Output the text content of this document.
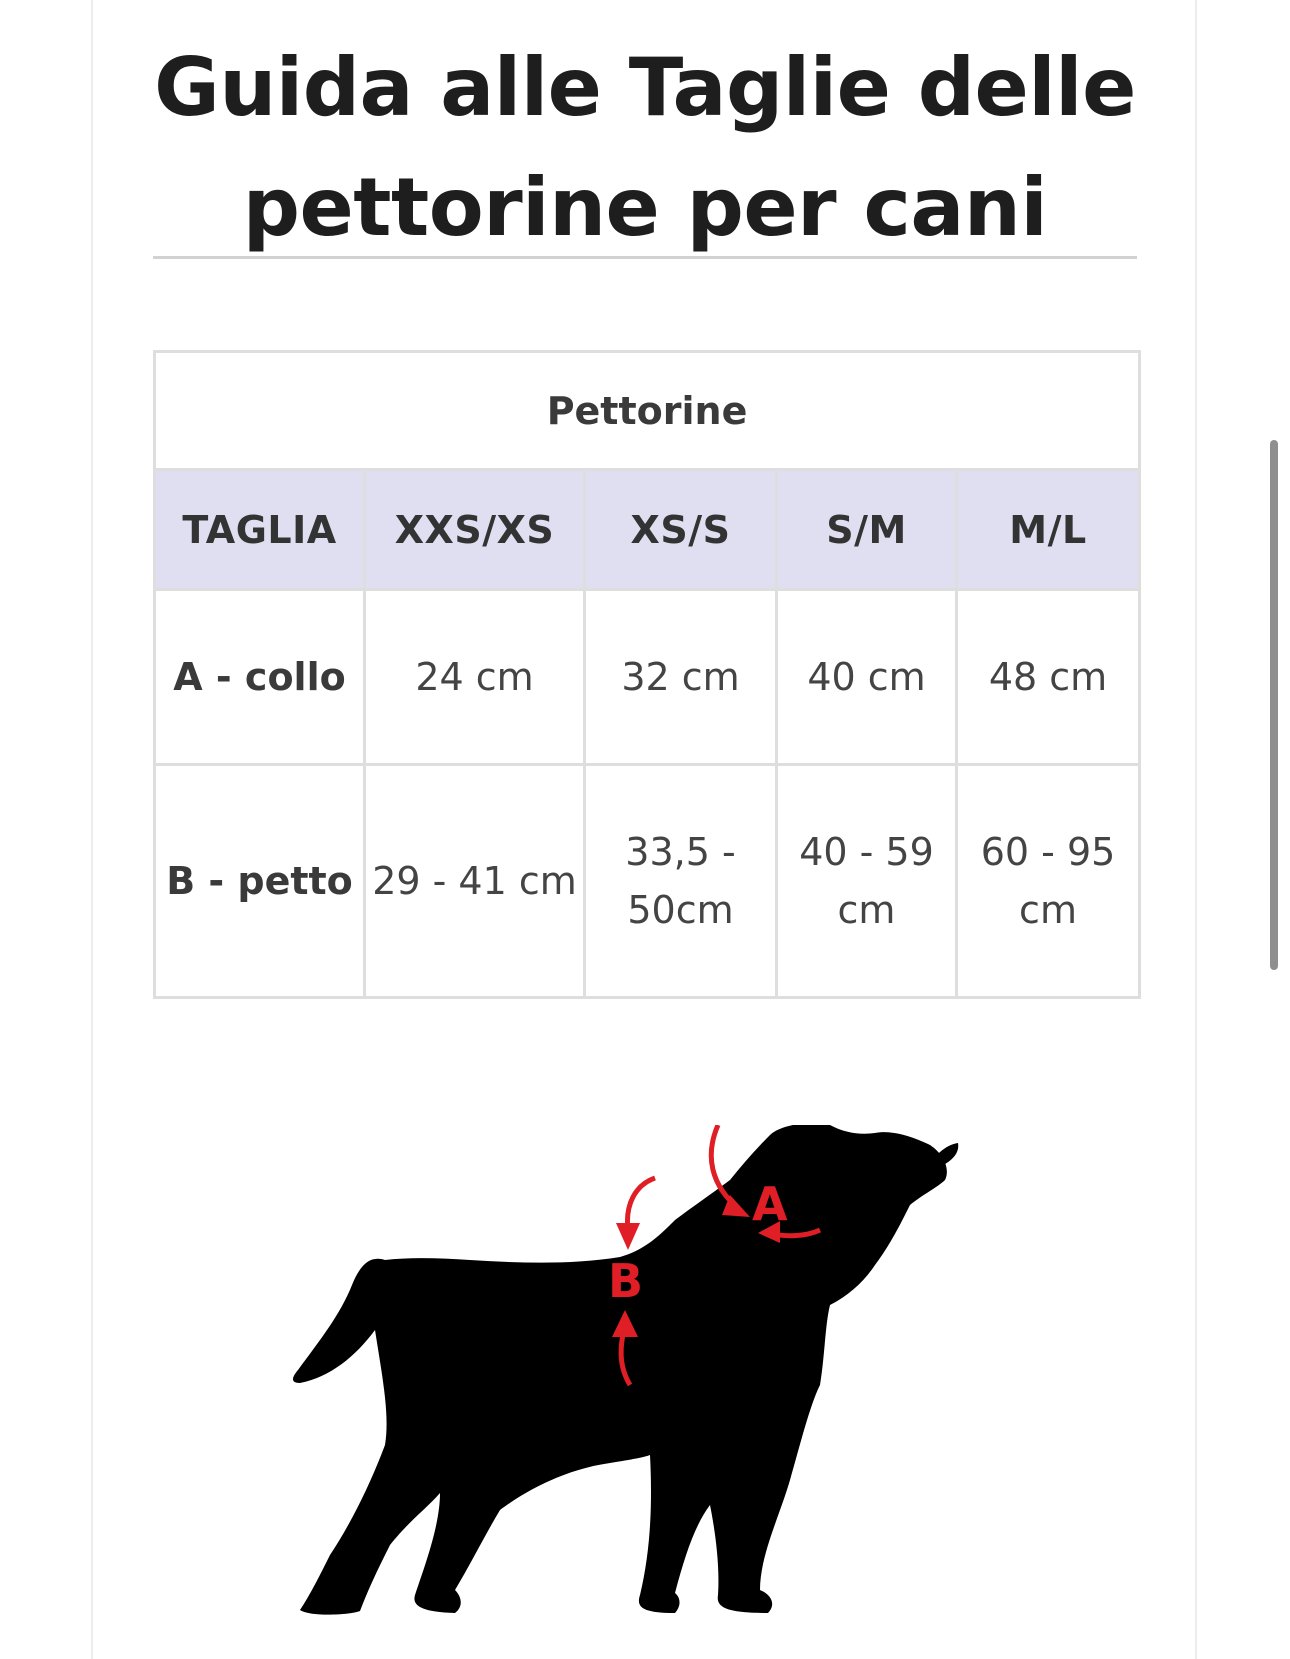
Guida alle Taglie delle pettorine per cani
Pettorine				
TAGLIA	XXS/XS	XS/S	S/M	M/L
A - collo	24 cm	32 cm	40 cm	48 cm
B - petto	29 - 41 cm	33,5 - 50cm	40 - 59 cm	60 - 95 cm
A
B
